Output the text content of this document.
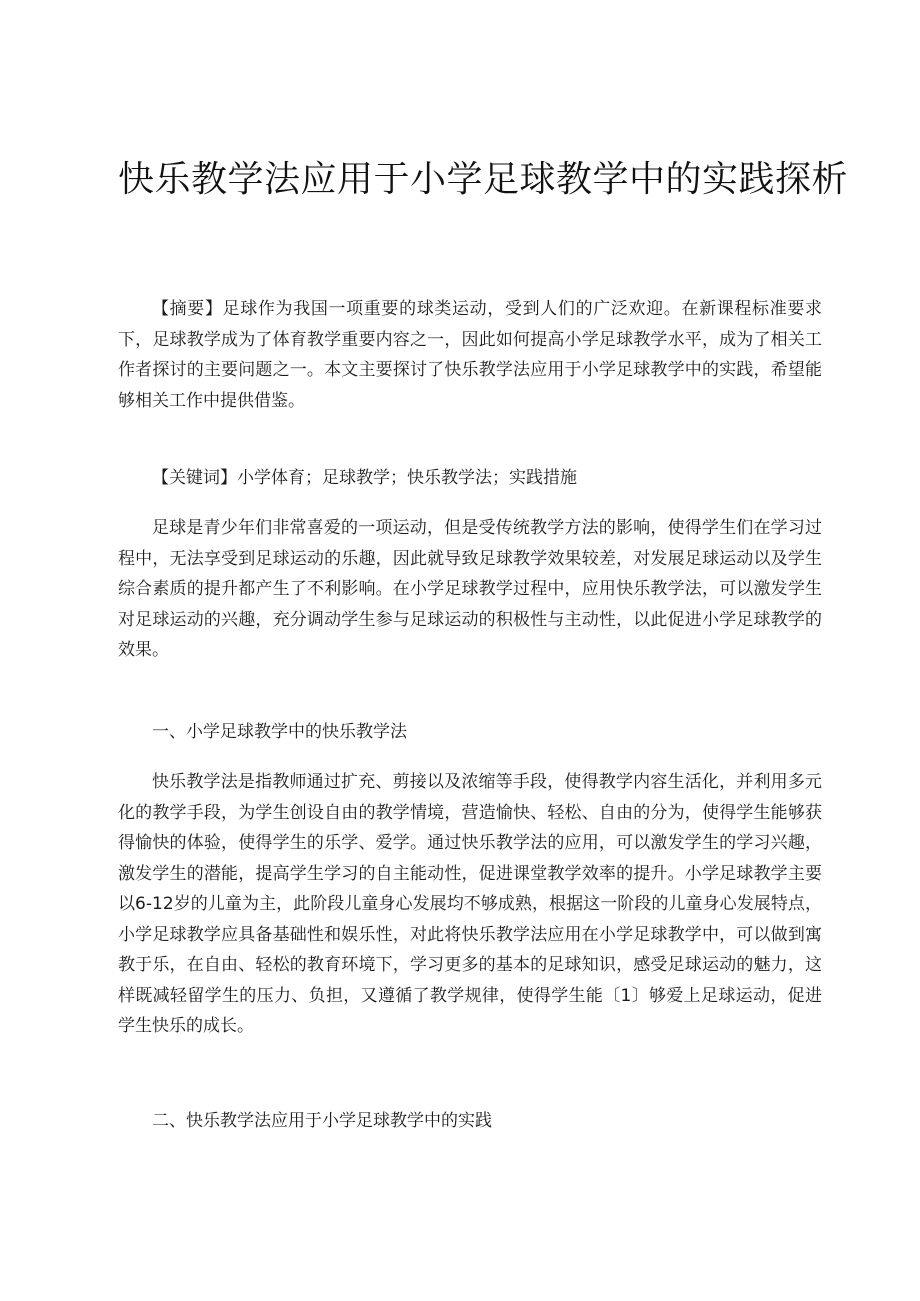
快乐教学法应用于小学足球教学中的实践探析

【摘要】足球作为我国一项重要的球类运动，受到人们的广泛欢迎。在新课程标准要求下，足球教学成为了体育教学重要内容之一，因此如何提高小学足球教学水平，成为了相关工作者探讨的主要问题之一。本文主要探讨了快乐教学法应用于小学足球教学中的实践，希望能够相关工作中提供借鉴。

【关键词】小学体育；足球教学；快乐教学法；实践措施

足球是青少年们非常喜爱的一项运动，但是受传统教学方法的影响，使得学生们在学习过程中，无法享受到足球运动的乐趣，因此就导致足球教学效果较差，对发展足球运动以及学生综合素质的提升都产生了不利影响。在小学足球教学过程中，应用快乐教学法，可以激发学生对足球运动的兴趣，充分调动学生参与足球运动的积极性与主动性，以此促进小学足球教学的效果。

一、小学足球教学中的快乐教学法

快乐教学法是指教师通过扩充、剪接以及浓缩等手段，使得教学内容生活化，并利用多元化的教学手段，为学生创设自由的教学情境，营造愉快、轻松、自由的分为，使得学生能够获得愉快的体验，使得学生的乐学、爱学。通过快乐教学法的应用，可以激发学生的学习兴趣，激发学生的潜能，提高学生学习的自主能动性，促进课堂教学效率的提升。小学足球教学主要以6-12岁的儿童为主，此阶段儿童身心发展均不够成熟，根据这一阶段的儿童身心发展特点，小学足球教学应具备基础性和娱乐性，对此将快乐教学法应用在小学足球教学中，可以做到寓教于乐，在自由、轻松的教育环境下，学习更多的基本的足球知识，感受足球运动的魅力，这样既减轻留学生的压力、负担，又遵循了教学规律，使得学生能〔1〕够爱上足球运动，促进学生快乐的成长。

二、快乐教学法应用于小学足球教学中的实践
